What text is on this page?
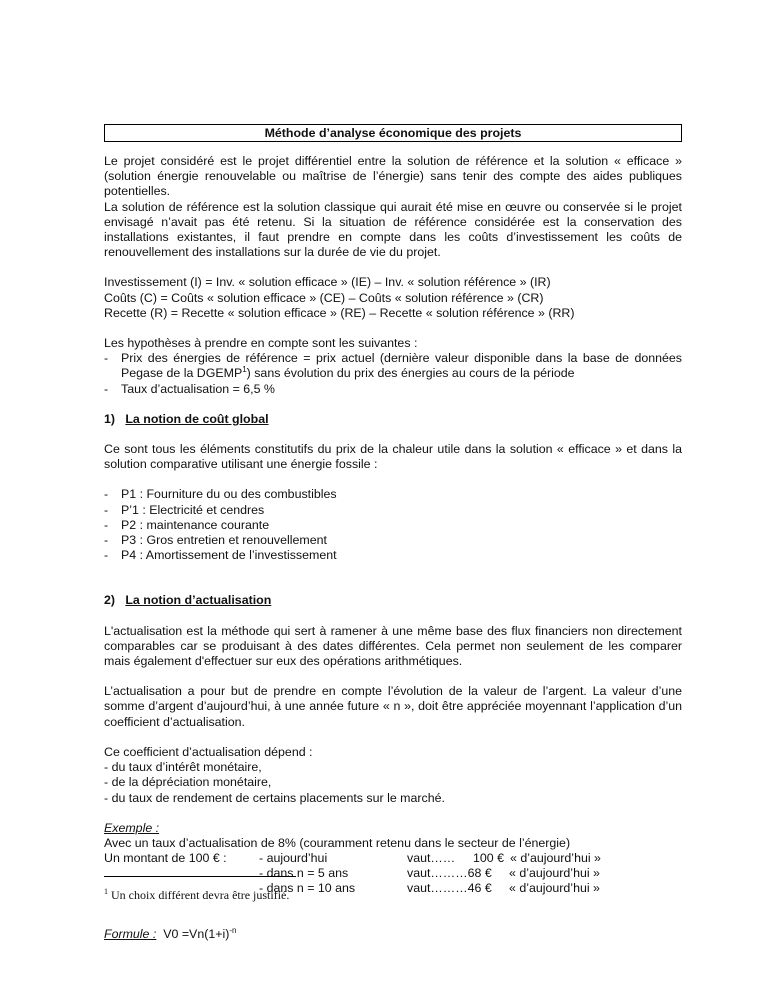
Méthode d’analyse économique des projets

Le projet considéré est le projet différentiel entre la solution de référence et la solution « efficace » (solution énergie renouvelable ou maîtrise de l’énergie) sans tenir des compte des aides publiques potentielles.

La solution de référence est la solution classique qui aurait été mise en œuvre ou conservée si le projet envisagé n’avait pas été retenu. Si la situation de référence considérée est la conservation des installations existantes, il faut prendre en compte dans les coûts d’investissement les coûts de renouvellement des installations sur la durée de vie du projet.

Investissement (I) = Inv. « solution efficace » (IE) – Inv. « solution référence » (IR)

Coûts (C) = Coûts « solution efficace » (CE) – Coûts « solution référence » (CR)

Recette (R) = Recette « solution efficace » (RE) – Recette « solution référence » (RR)

Les hypothèses à prendre en compte sont les suivantes :

-	Prix des énergies de référence = prix actuel (dernière valeur disponible dans la base de données Pegase de la DGEMP$^1$) sans évolution du prix des énergies au cours de la période
-	Taux d’actualisation = 6,5 %

1) La notion de coût global

Ce sont tous les éléments constitutifs du prix de la chaleur utile dans la solution « efficace » et dans la solution comparative utilisant une énergie fossile :

-	P1 : Fourniture du ou des combustibles
-	P’1 : Electricité et cendres
-	P2 : maintenance courante
-	P3 : Gros entretien et renouvellement
-	P4 : Amortissement de l’investissement

2) La notion d’actualisation

L'actualisation est la méthode qui sert à ramener à une même base des flux financiers non directement comparables car se produisant à des dates différentes. Cela permet non seulement de les comparer mais également d'effectuer sur eux des opérations arithmétiques.

L’actualisation a pour but de prendre en compte l’évolution de la valeur de l’argent. La valeur d’une somme d’argent d’aujourd’hui, à une année future « n », doit être appréciée moyennant l’application d’un coefficient d’actualisation.

Ce coefficient d’actualisation dépend :

- du taux d’intérêt monétaire,

- de la dépréciation monétaire,

- du taux de rendement de certains placements sur le marché.

Exemple :

Avec un taux d’actualisation de 8% (couramment retenu dans le secteur de l’énergie)

Un montant de 100 € :	- aujourd’hui	vaut……	100 € « d’aujourd’hui »
- dans n = 5 ans	vaut………68 €	« d’aujourd’hui »
- dans n = 10 ans	vaut………46 €	« d’aujourd’hui »

Formule : $V0 =Vn(1+i)^{-n}$

$^1$ Un choix différent devra être justifié.
